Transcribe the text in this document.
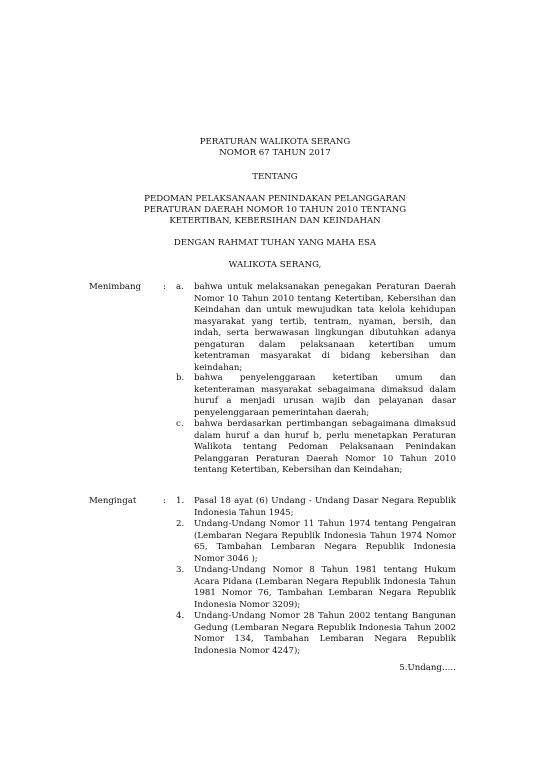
PERATURAN WALIKOTA SERANG
NOMOR 67 TAHUN 2017
TENTANG
PEDOMAN PELAKSANAAN PENINDAKAN PELANGGARAN
PERATURAN DAERAH NOMOR 10 TAHUN 2010 TENTANG
KETERTIBAN, KEBERSIHAN DAN KEINDAHAN
DENGAN RAHMAT TUHAN YANG MAHA ESA
WALIKOTA SERANG,
Menimbang	: a.	bahwa untuk melaksanakan penegakan Peraturan Daerah Nomor 10 Tahun 2010 tentang Ketertiban, Kebersihan dan Keindahan dan untuk mewujudkan tata kelola kehidupan masyarakat yang tertib, tentram, nyaman, bersih, dan indah, serta berwawasan lingkungan dibutuhkan adanya pengaturan dalam pelaksanaan ketertiban umum ketentraman masyarakat di bidang kebersihan dan keindahan;
b.	bahwa penyelenggaraan ketertiban umum dan ketenteraman masyarakat sebagaimana dimaksud dalam huruf a menjadi urusan wajib dan pelayanan dasar penyelenggaraan pemerintahan daerah;
c.	bahwa berdasarkan pertimbangan sebagaimana dimaksud dalam huruf a dan huruf b, perlu menetapkan Peraturan Walikota tentang Pedoman Pelaksanaan Penindakan Pelanggaran Peraturan Daerah Nomor 10 Tahun 2010 tentang Ketertiban, Kebersihan dan Keindahan;
Mengingat	: 1.	Pasal 18 ayat (6) Undang - Undang Dasar Negara Republik Indonesia Tahun 1945;
2.	Undang-Undang Nomor 11 Tahun 1974 tentang Pengairan (Lembaran Negara Republik Indonesia Tahun 1974 Nomor 65, Tambahan Lembaran Negara Republik Indonesia Nomor 3046 );
3.	Undang-Undang Nomor 8 Tahun 1981 tentang Hukum Acara Pidana (Lembaran Negara Republik Indonesia Tahun 1981 Nomor 76, Tambahan Lembaran Negara Republik Indonesia Nomor 3209);
4.	Undang-Undang Nomor 28 Tahun 2002 tentang Bangunan Gedung (Lembaran Negara Republik Indonesia Tahun 2002 Nomor 134, Tambahan Lembaran Negara Republik Indonesia Nomor 4247);
5.Undang…..
